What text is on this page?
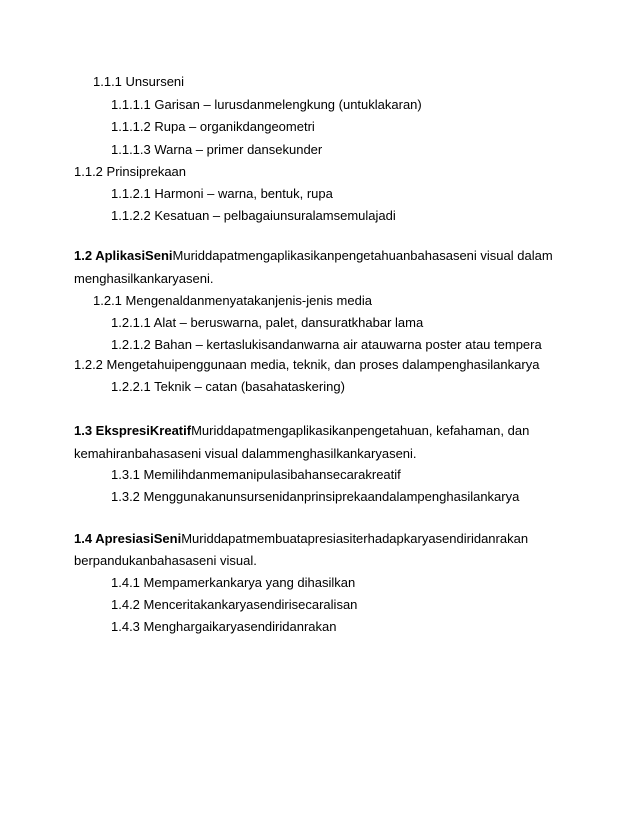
1.1.1 Unsurseni
1.1.1.1 Garisan – lurusdanmelengkung (untuklakaran)
1.1.1.2 Rupa – organikdangeometri
1.1.1.3 Warna – primer dansekunder
1.1.2 Prinsiprekaan
1.1.2.1 Harmoni – warna, bentuk, rupa
1.1.2.2 Kesatuan – pelbagaiunsuralamsemulajadi
1.2 AplikasiSeniMuriddapatmengaplikasikanpengetahuanbahasaseni visual dalam
menghasilkankaryaseni.
1.2.1 Mengenaldanmenyatakanjenis-jenis media
1.2.1.1 Alat – beruswarna, palet, dansuratkhabar lama
1.2.1.2 Bahan – kertaslukisandanwarna air atauwarna poster atau tempera
1.2.2 Mengetahuipenggunaan media, teknik, dan proses dalampenghasilankarya
1.2.2.1 Teknik – catan (basahataskering)
1.3 EkspresiKreatifMuriddapatmengaplikasikanpengetahuan, kefahaman, dan
kemahiranbahasaseni visual dalammenghasilkankaryaseni.
1.3.1 Memilihdanmemanipulasibahansecarakreatif
1.3.2 Menggunakanunsursenidanprinsiprekaandalampenghasilankarya
1.4 ApresiasiSeniMuriddapatmembuatapresiasiterhadapkaryasendiridanrakan
berpandukanbahasaseni visual.
1.4.1 Mempamerkankarya yang dihasilkan
1.4.2 Menceritakankaryasendirisecaralisan
1.4.3 Menghargaikaryasendiridanrakan
